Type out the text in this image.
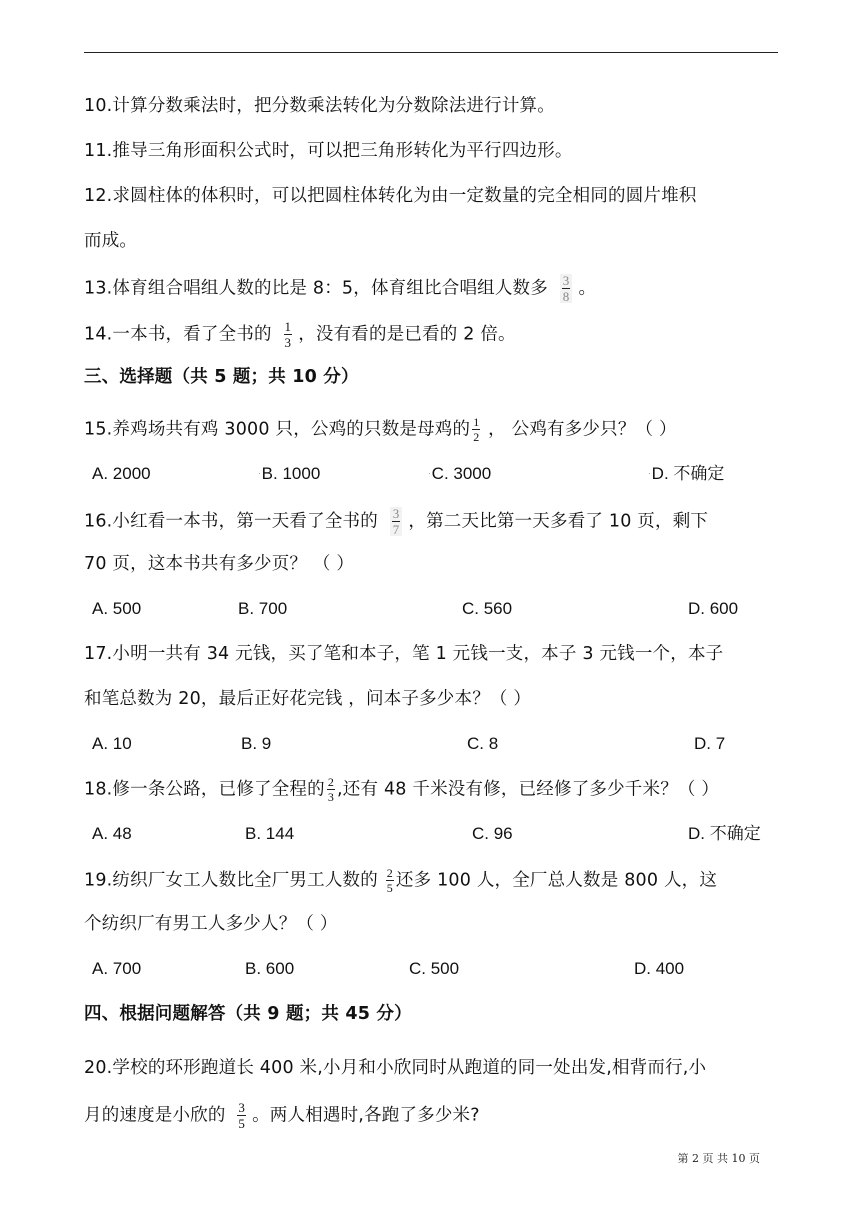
10.计算分数乘法时，把分数乘法转化为分数除法进行计算。
11.推导三角形面积公式时，可以把三角形转化为平行四边形。
12.求圆柱体的体积时，可以把圆柱体转化为由一定数量的完全相同的圆片堆积
而成。
13.体育组合唱组人数的比是 8：5，体育组比合唱组人数多 $\frac{3}{8}$ 。
14.一本书，看了全书的 $\frac{1}{3}$ ，没有看的是已看的 2 倍。
三、选择题（共 5 题；共 10 分）
15.养鸡场共有鸡 3000 只，公鸡的只数是母鸡的 $\frac{1}{2}$ ， 公鸡有多少只？（ ）
A. 2000	·B. 1000	·C. 3000	·D. 不确定
16.小红看一本书，第一天看了全书的 $\frac{3}{7}$ ，第二天比第一天多看了 10 页，剩下
70 页，这本书共有多少页？ （ ）
A. 500	B. 700	C. 560	D. 600
17.小明一共有 34 元钱，买了笔和本子，笔 1 元钱一支，本子 3 元钱一个，本子
和笔总数为 20，最后正好花完钱 ，问本子多少本？（ ）
A. 10	B. 9	C. 8	D. 7
18.修一条公路，已修了全程的 $\frac{2}{3}$ ,还有 48 千米没有修，已经修了多少千米？（ ）
A. 48	B. 144	C. 96	D. 不确定
19.纺织厂女工人数比全厂男工人数的 $\frac{2}{5}$ 还多 100 人，全厂总人数是 800 人，这
个纺织厂有男工人多少人？（ ）
A. 700	B. 600	C. 500	D. 400
四、根据问题解答（共 9 题；共 45 分）
20.学校的环形跑道长 400 米,小月和小欣同时从跑道的同一处出发,相背而行,小
月的速度是小欣的 $\frac{3}{5}$ 。两人相遇时,各跑了多少米?
第 2 页 共 10 页
